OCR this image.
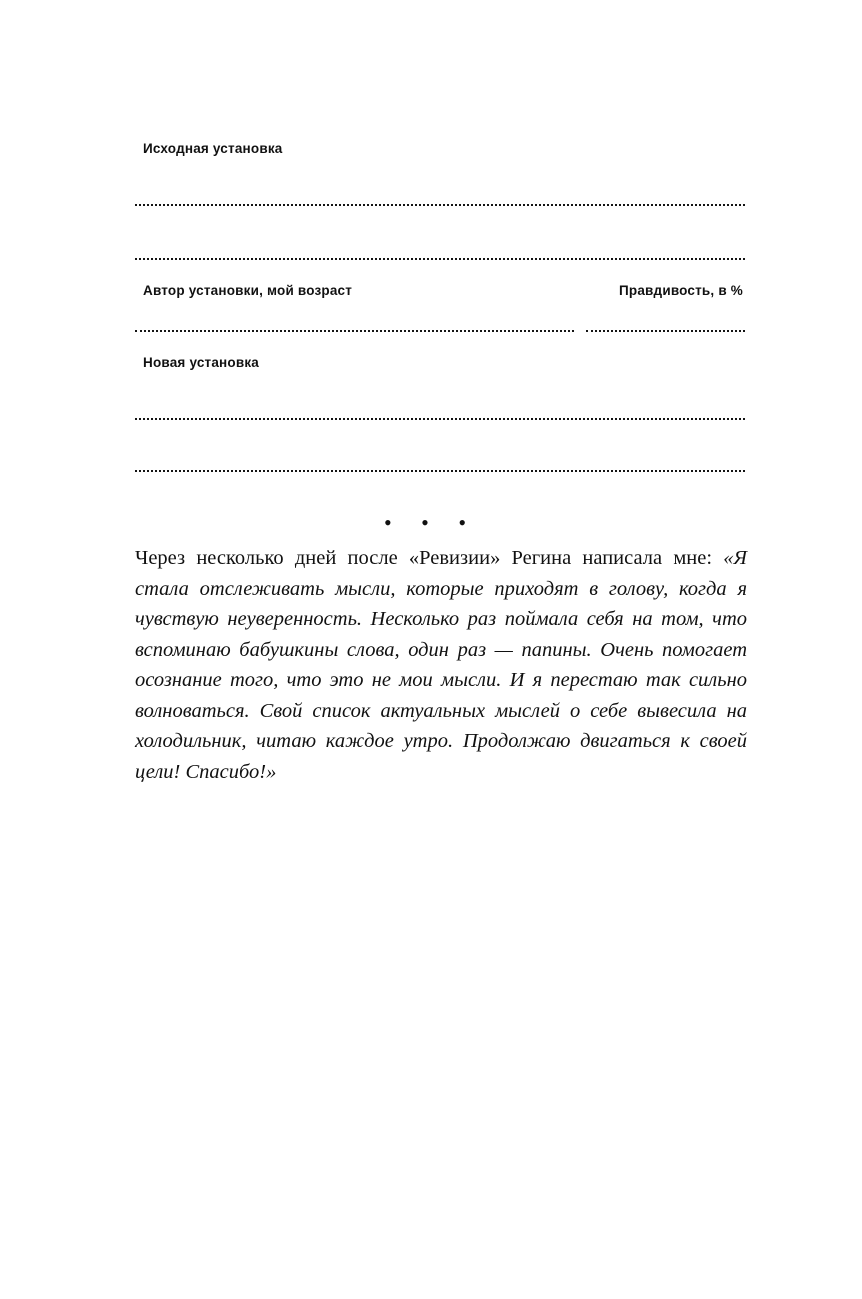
Исходная установка
Автор установки, мой возраст	Правдивость, в %
Новая установка
• • •
Через несколько дней после «Ревизии» Регина написала мне: «Я стала отслеживать мысли, которые приходят в голову, когда я чувствую неуверенность. Несколько раз поймала себя на том, что вспоминаю бабушкины слова, один раз — папины. Очень помогает осознание того, что это не мои мысли. И я перестаю так сильно волноваться. Свой список актуальных мыслей о себе вывесила на холодильник, читаю каждое утро. Продолжаю двигаться к своей цели! Спасибо!»
